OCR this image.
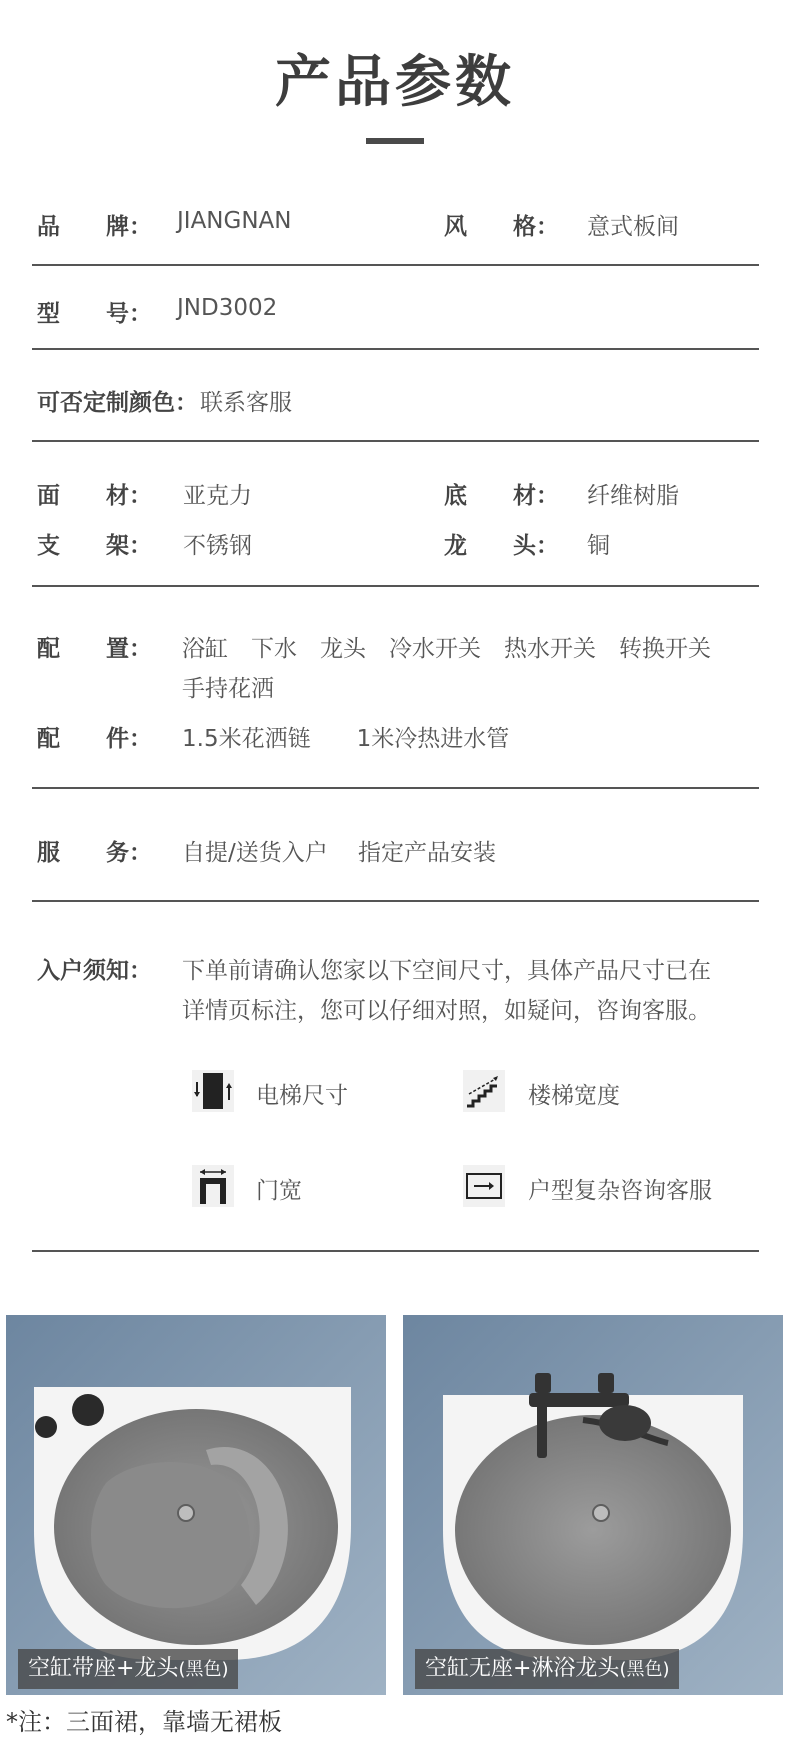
产品参数
品　　牌： JIANGNAN	风　　格： 意式板间
型　　号： JND3002
可否定制颜色： 联系客服
面　　材： 亚克力	底　　材： 纤维树脂
支　　架： 不锈钢	龙　　头： 铜
配　　置： 浴缸　下水　龙头　冷水开关　热水开关　转换开关
手持花洒
配　　件： 1.5米花洒链　　1米冷热进水管
服　　务： 自提/送货入户　 指定产品安装
入户须知： 下单前请确认您家以下空间尺寸，具体产品尺寸已在
详情页标注，您可以仔细对照，如疑问，咨询客服。
电梯尺寸	楼梯宽度
门宽	户型复杂咨询客服
空缸带座+龙头(黑色)	空缸无座+淋浴龙头(黑色)
*注：三面裙，靠墙无裙板
